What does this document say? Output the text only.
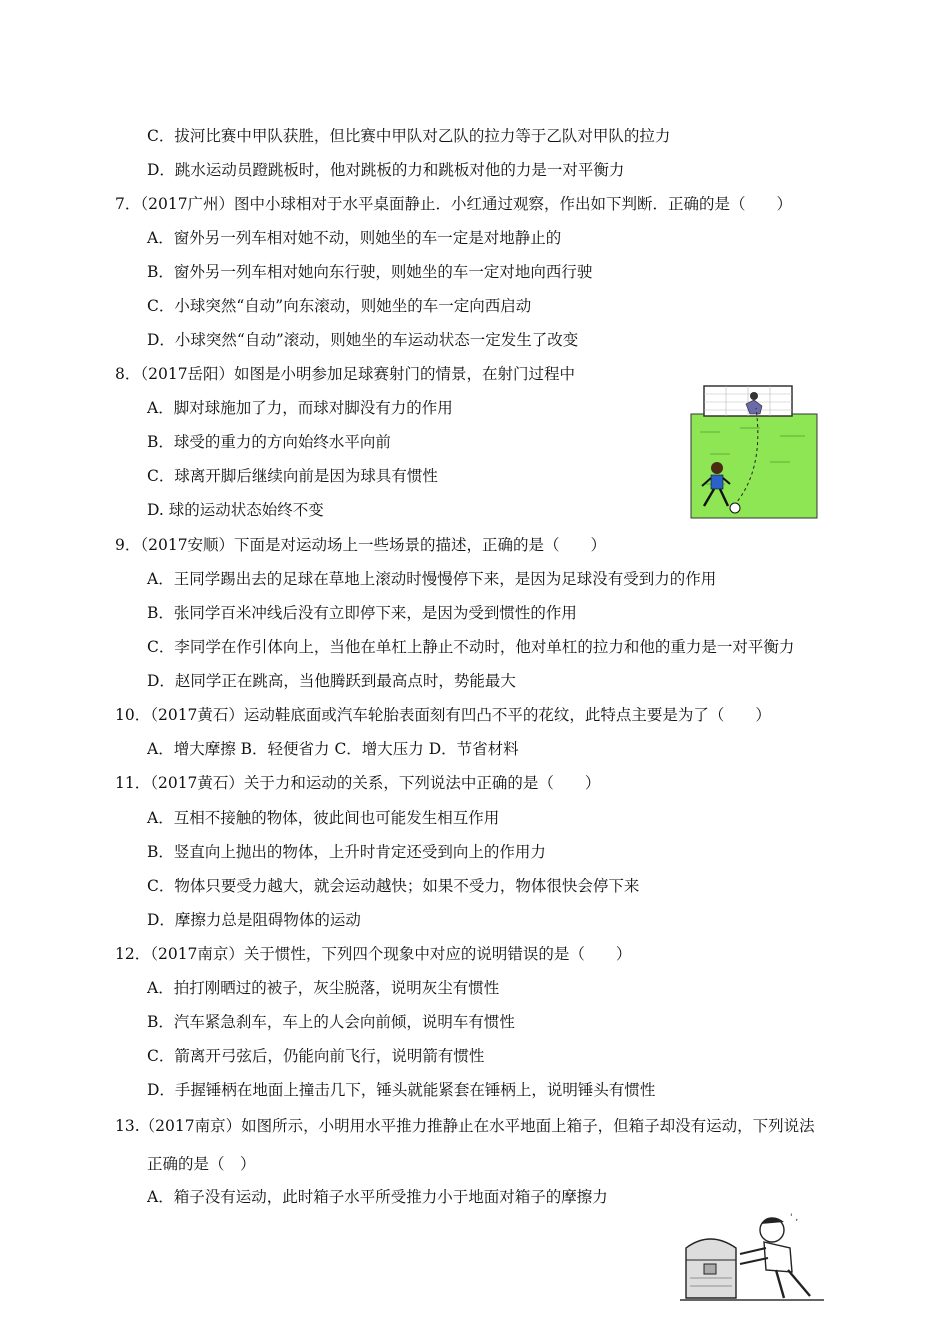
C．拔河比赛中甲队获胜，但比赛中甲队对乙队的拉力等于乙队对甲队的拉力
D．跳水运动员蹬跳板时，他对跳板的力和跳板对他的力是一对平衡力
7．（2017广州）图中小球相对于水平桌面静止．小红通过观察，作出如下判断．正确的是（　　）
A．窗外另一列车相对她不动，则她坐的车一定是对地静止的
B．窗外另一列车相对她向东行驶，则她坐的车一定对地向西行驶
C．小球突然“自动”向东滚动，则她坐的车一定向西启动
D．小球突然“自动”滚动，则她坐的车运动状态一定发生了改变
8．（2017岳阳）如图是小明参加足球赛射门的情景，在射门过程中
A．脚对球施加了力，而球对脚没有力的作用
B．球受的重力的方向始终水平向前
C．球离开脚后继续向前是因为球具有惯性
D. 球的运动状态始终不变
9．（2017安顺）下面是对运动场上一些场景的描述，正确的是（　　）
A．王同学踢出去的足球在草地上滚动时慢慢停下来，是因为足球没有受到力的作用
B．张同学百米冲线后没有立即停下来，是因为受到惯性的作用
C．李同学在作引体向上，当他在单杠上静止不动时，他对单杠的拉力和他的重力是一对平衡力
D．赵同学正在跳高，当他腾跃到最高点时，势能最大
10．（2017黄石）运动鞋底面或汽车轮胎表面刻有凹凸不平的花纹，此特点主要是为了（　　）
A．增大摩擦 B．轻便省力 C．增大压力 D．节省材料
11．（2017黄石）关于力和运动的关系，下列说法中正确的是（　　）
A．互相不接触的物体，彼此间也可能发生相互作用
B．竖直向上抛出的物体，上升时肯定还受到向上的作用力
C．物体只要受力越大，就会运动越快；如果不受力，物体很快会停下来
D．摩擦力总是阻碍物体的运动
12．（2017南京）关于惯性，下列四个现象中对应的说明错误的是（　　）
A．拍打刚晒过的被子，灰尘脱落，说明灰尘有惯性
B．汽车紧急刹车，车上的人会向前倾，说明车有惯性
C．箭离开弓弦后，仍能向前飞行，说明箭有惯性
D．手握锤柄在地面上撞击几下，锤头就能紧套在锤柄上，说明锤头有惯性
13.（2017南京）如图所示，小明用水平推力推静止在水平地面上箱子，但箱子却没有运动，下列说法
正确的是（　）
A．箱子没有运动，此时箱子水平所受推力小于地面对箱子的摩擦力
' ,
